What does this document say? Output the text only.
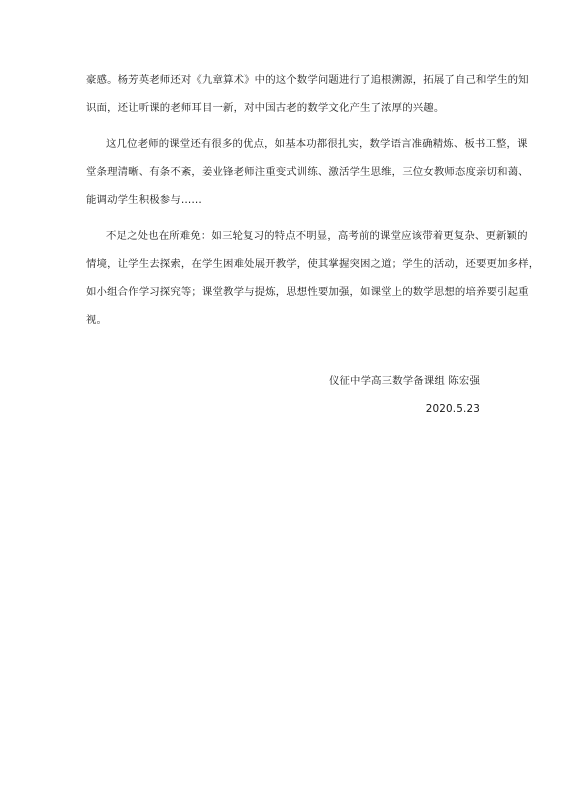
豪感。杨芳英老师还对《九章算术》中的这个数学问题进行了追根溯源，拓展了自己和学生的知
识面，还让听课的老师耳目一新，对中国古老的数学文化产生了浓厚的兴趣。
这几位老师的课堂还有很多的优点，如基本功都很扎实，数学语言准确精炼、板书工整，课
堂条理清晰、有条不紊，姜业锋老师注重变式训练、激活学生思维，三位女教师态度亲切和蔼、
能调动学生积极参与……
不足之处也在所难免：如三轮复习的特点不明显，高考前的课堂应该带着更复杂、更新颖的
情境，让学生去探索，在学生困难处展开教学，使其掌握突困之道；学生的活动，还要更加多样，
如小组合作学习探究等；课堂教学与提炼，思想性要加强，如课堂上的数学思想的培养要引起重
视。
仪征中学高三数学备课组 陈宏强
2020.5.23
